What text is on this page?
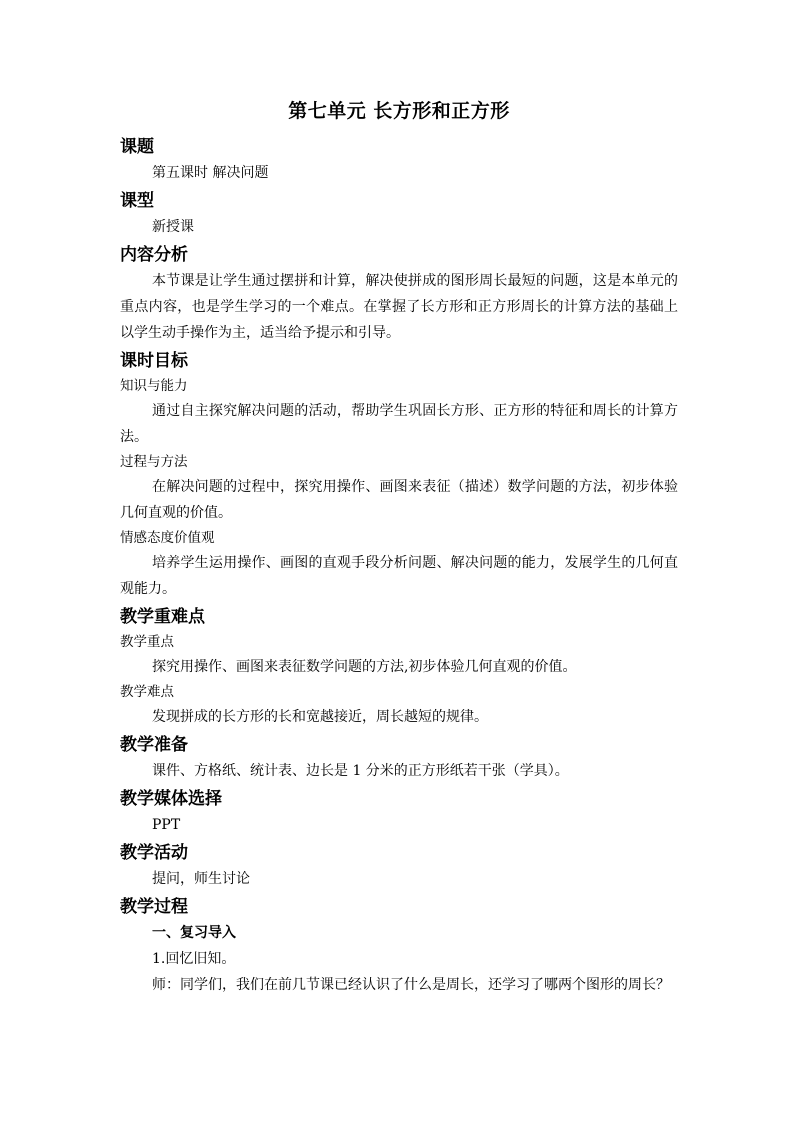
第七单元 长方形和正方形
课题

第五课时 解决问题

课型

新授课

内容分析

本节课是让学生通过摆拼和计算，解决使拼成的图形周长最短的问题，这是本单元的重点内容，也是学生学习的一个难点。在掌握了长方形和正方形周长的计算方法的基础上以学生动手操作为主，适当给予提示和引导。

课时目标
知识与能力

通过自主探究解决问题的活动，帮助学生巩固长方形、正方形的特征和周长的计算方法。

过程与方法

在解决问题的过程中，探究用操作、画图来表征（描述）数学问题的方法，初步体验几何直观的价值。

情感态度价值观

培养学生运用操作、画图的直观手段分析问题、解决问题的能力，发展学生的几何直观能力。

教学重难点
教学重点

探究用操作、画图来表征数学问题的方法,初步体验几何直观的价值。

教学难点

发现拼成的长方形的长和宽越接近，周长越短的规律。

教学准备

课件、方格纸、统计表、边长是 1 分米的正方形纸若干张（学具）。

教学媒体选择

PPT

教学活动

提问，师生讨论

教学过程

一、复习导入

1.回忆旧知。

师：同学们，我们在前几节课已经认识了什么是周长，还学习了哪两个图形的周长？
